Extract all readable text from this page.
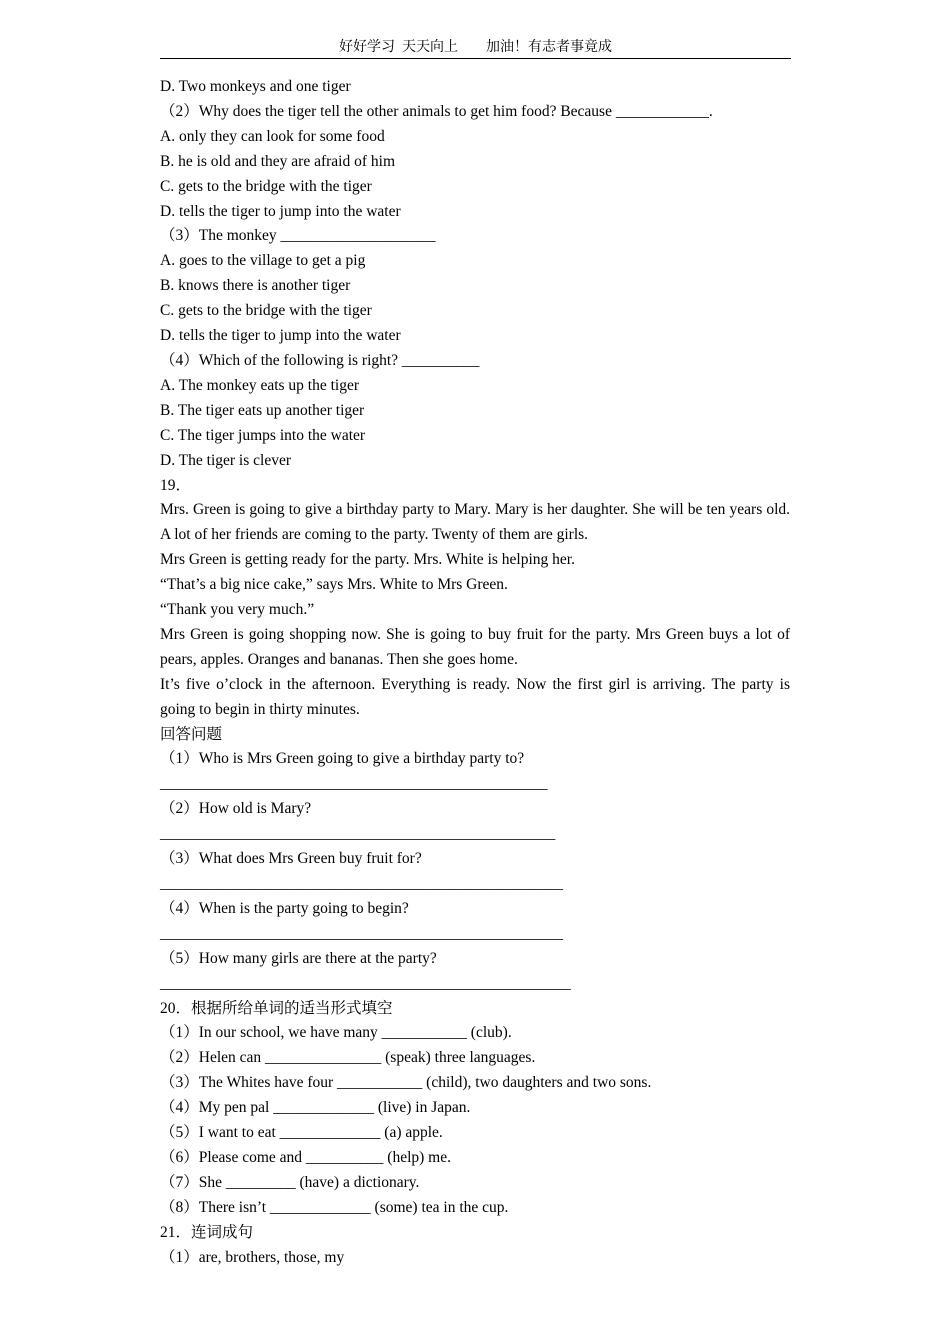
好好学习  天天向上        加油！有志者事竟成
D. Two monkeys and one tiger
（2）Why does the tiger tell the other animals to get him food? Because ____________.
A. only they can look for some food
B. he is old and they are afraid of him
C. gets to the bridge with the tiger
D. tells the tiger to jump into the water
（3）The monkey ____________________
A. goes to the village to get a pig
B. knows there is another tiger
C. gets to the bridge with the tiger
D. tells the tiger to jump into the water
（4）Which of the following is right? __________
A. The monkey eats up the tiger
B. The tiger eats up another tiger
C. The tiger jumps into the water
D. The tiger is clever
19．
Mrs. Green is going to give a birthday party to Mary. Mary is her daughter. She will be ten years old. A lot of her friends are coming to the party. Twenty of them are girls.
Mrs Green is getting ready for the party. Mrs. White is helping her.
“That’s a big nice cake,” says Mrs. White to Mrs Green.
“Thank you very much.”
Mrs Green is going shopping now. She is going to buy fruit for the party. Mrs Green buys a lot of pears, apples. Oranges and bananas. Then she goes home.
It’s five o’clock in the afternoon. Everything is ready. Now the first girl is arriving. The party is going to begin in thirty minutes.
回答问题
（1）Who is Mrs Green going to give a birthday party to?
__________________________________________________
（2）How old is Mary?
___________________________________________________
（3）What does Mrs Green buy fruit for?
____________________________________________________
（4）When is the party going to begin?
____________________________________________________
（5）How many girls are there at the party?
_____________________________________________________
20．根据所给单词的适当形式填空
（1）In our school, we have many ___________ (club).
（2）Helen can _______________ (speak) three languages.
（3）The Whites have four ___________ (child), two daughters and two sons.
（4）My pen pal _____________ (live) in Japan.
（5）I want to eat _____________ (a) apple.
（6）Please come and __________ (help) me.
（7）She _________ (have) a dictionary.
（8）There isn’t _____________ (some) tea in the cup.
21．连词成句
（1）are, brothers, those, my
